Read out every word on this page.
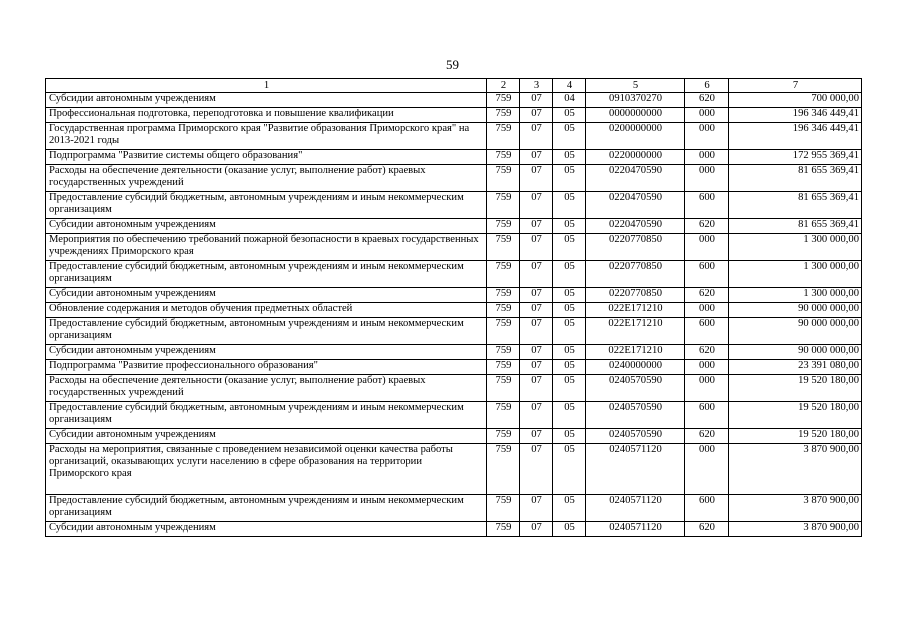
59
1	2	3	4	5	6	7
Субсидии автономным учреждениям	759	07	04	0910370270	620	700 000,00
Профессиональная подготовка, переподготовка и повышение квалификации	759	07	05	0000000000	000	196 346 449,41
Государственная программа Приморского края "Развитие образования Приморского края" на 2013-2021 годы	759	07	05	0200000000	000	196 346 449,41
Подпрограмма "Развитие системы общего образования"	759	07	05	0220000000	000	172 955 369,41
Расходы на обеспечение деятельности (оказание услуг, выполнение работ) краевых государственных учреждений	759	07	05	0220470590	000	81 655 369,41
Предоставление субсидий бюджетным, автономным учреждениям и иным некоммерческим организациям	759	07	05	0220470590	600	81 655 369,41
Субсидии автономным учреждениям	759	07	05	0220470590	620	81 655 369,41
Мероприятия по обеспечению требований пожарной безопасности в краевых государственных учреждениях Приморского края	759	07	05	0220770850	000	1 300 000,00
Предоставление субсидий бюджетным, автономным учреждениям и иным некоммерческим организациям	759	07	05	0220770850	600	1 300 000,00
Субсидии автономным учреждениям	759	07	05	0220770850	620	1 300 000,00
Обновление содержания и методов обучения предметных областей	759	07	05	022E171210	000	90 000 000,00
Предоставление субсидий бюджетным, автономным учреждениям и иным некоммерческим организациям	759	07	05	022E171210	600	90 000 000,00
Субсидии автономным учреждениям	759	07	05	022E171210	620	90 000 000,00
Подпрограмма "Развитие профессионального образования"	759	07	05	0240000000	000	23 391 080,00
Расходы на обеспечение деятельности (оказание услуг, выполнение работ) краевых государственных учреждений	759	07	05	0240570590	000	19 520 180,00
Предоставление субсидий бюджетным, автономным учреждениям и иным некоммерческим организациям	759	07	05	0240570590	600	19 520 180,00
Субсидии автономным учреждениям	759	07	05	0240570590	620	19 520 180,00
Расходы на мероприятия, связанные с проведением независимой оценки качества работы организаций, оказывающих услуги населению в сфере образования на территории Приморского края	759	07	05	0240571120	000	3 870 900,00
Предоставление субсидий бюджетным, автономным учреждениям и иным некоммерческим организациям	759	07	05	0240571120	600	3 870 900,00
Субсидии автономным учреждениям	759	07	05	0240571120	620	3 870 900,00
